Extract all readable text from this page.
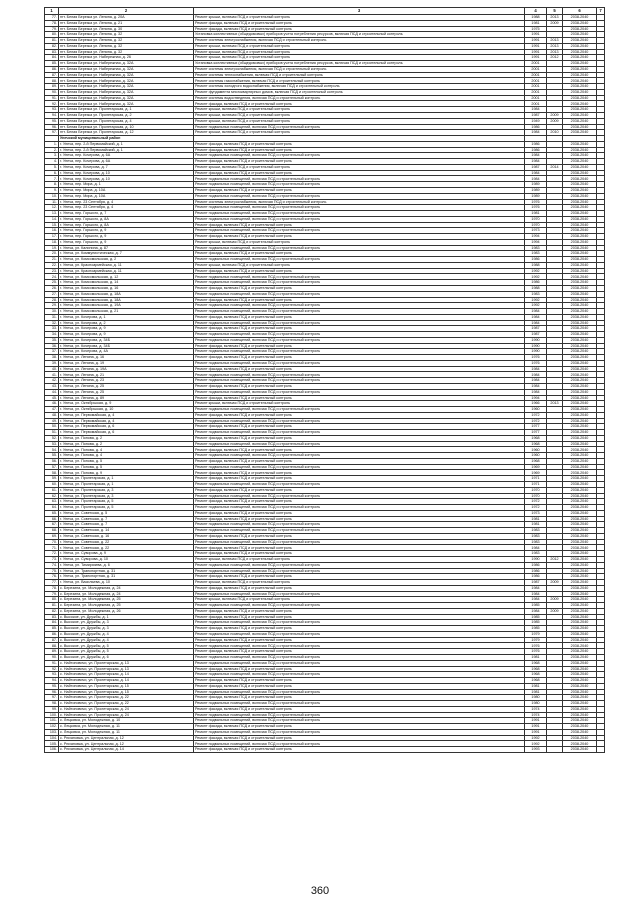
1	2	3	4	5	6	7
77.	пгт. Белая Березка ул. Ленина, д. 20А	Ремонт крыши, включая ПСД и строительный контроль	1988	2013	2038-2040	
78.	пгт. Белая Березка ул. Ленина, д. 21	Ремонт фасада, включая ПСД и строительный контроль	1981	2009	2038-2040	
79.	пгт. Белая Березка ул. Ленина, д. 30	Ремонт фасада, включая ПСД и строительный контроль	1975		2038-2040	
80.	пгт. Белая Березка ул. Ленина, д. 32	Установка коллективных (общедомовых) приборов учета потребления ресурсов, включая ПСД и строительный контроль	1991		2038-2040	
81.	пгт. Белая Березка ул. Ленина, д. 32	Ремонт системы электроснабжения, включая ПСД и строительный контроль	1991	2013	2038-2040	
82.	пгт. Белая Березка ул. Ленина, д. 32	Ремонт крыши, включая ПСД и строительный контроль	1991	2013	2038-2040	
83.	пгт. Белая Березка ул. Ленина, д. 32	Ремонт крыши, включая ПСД и строительный контроль	1991	2013	2038-2040	
84.	пгт. Белая Березка ул. Набережная, д. 26	Ремонт крыши, включая ПСД и строительный контроль	1991	2012	2038-2040	
85.	пгт. Белая Березка ул. Набережная, д. 32А	Установка коллективных (общедомовых) приборов учета потребления ресурсов, включая ПСД и строительный контроль	2001		2038-2040	
86.	пгт. Белая Березка ул. Набережная, д. 32А	Ремонт системы электроснабжения, включая ПСД и строительный контроль	2001		2038-2040	
87.	пгт. Белая Березка ул. Набережная, д. 32А	Ремонт системы теплоснабжения, включая ПСД и строительный контроль	2001		2038-2040	
88.	пгт. Белая Березка ул. Набережная, д. 32А	Ремонт системы газоснабжения, включая ПСД и строительный контроль	2001		2038-2040	
89.	пгт. Белая Березка ул. Набережная, д. 32А	Ремонт системы холодного водоснабжения, включая ПСД и строительный контроль	2001		2038-2040	
90.	пгт. Белая Березка ул. Набережная, д. 32А	Ремонт фундамента многоквартирных домов, включая ПСД и строительный контроль	2001		2038-2040	
91.	пгт. Белая Березка ул. Набережная, д. 32А	Ремонт системы водоотведения, включая ПСД и строительный контроль	2001		2038-2040	
92.	пгт. Белая Березка ул. Набережная, д. 32А	Ремонт фасада, включая ПСД и строительный контроль	2001		2038-2040	
93.	пгт. Белая Березка ул. Пролетарская, д. 1	Ремонт крыши, включая ПСД и строительный контроль	1984		2038-2040	
94.	пгт. Белая Березка ул. Пролетарская, д. 2	Ремонт крыши, включая ПСД и строительный контроль	1987	2009	2038-2040	
95.	пгт. Белая Березка ул. Пролетарская, д. 4	Ремонт крыши, включая ПСД и строительный контроль	1949	2009	2038-2040	
96.	пгт. Белая Березка ул. Пролетарская, д. 10	Ремонт подвальных помещений, включая ПСД и строительный контроль	1986		2038-2040	
97.	пгт. Белая Березка ул. Пролетарская, д. 12	Ремонт крыши, включая ПСД и строительный контроль	1984	2010	2038-2040	
	Унечский муниципальный район					
1.	г. Унеча, пер. 2-й Первомайский, д. 1	Ремонт фасада, включая ПСД и строительный контроль	1986		2038-2040	
2.	г. Унеча, пер. 2-й Первомайский, д. 1	Ремонт фасада, включая ПСД и строительный контроль	1986		2038-2040	
3.	г. Унеча, пер. Кочерова, д. 6А	Ремонт подвальных помещений, включая ПСД и строительный контроль	1984		2038-2040	
4.	г. Унеча, пер. Кочерова, д. 6А	Ремонт фасада, включая ПСД и строительный контроль	1984		2038-2040	
5.	г. Унеча, пер. Кочерова, д. 7	Ремонт крыши, включая ПСД и строительный контроль	1987	2014	2038-2040	
6.	г. Унеча, пер. Кочерова, д. 10	Ремонт фасада, включая ПСД и строительный контроль	1984		2038-2040	
7.	г. Унеча, пер. Кочерова, д. 10	Ремонт подвальных помещений, включая ПСД и строительный контроль	1984		2038-2040	
8.	г. Унеча, пер. Мира, д. 1	Ремонт подвальных помещений, включая ПСД и строительный контроль	1989		2038-2040	
9.	г. Унеча, пер. Мира, д. 10А	Ремонт фасада, включая ПСД и строительный контроль	1989		2038-2040	
10.	г. Унеча, пер. Мира, д. 10А	Ремонт подвальных помещений, включая ПСД и строительный контроль	1989		2038-2040	
11.	г. Унеча, пер. 23 Сентября, д. 4	Ремонт системы электроснабжения, включая ПСД и строительный контроль	1976		2038-2040	
12.	г. Унеча, пер. 23 Сентября, д. 4	Ремонт подвальных помещений, включая ПСД и строительный контроль	1976		2038-2040	
13.	г. Унеча, пер. Горького, д. 7	Ремонт подвальных помещений, включая ПСД и строительный контроль	1981		2038-2040	
14.	г. Унеча, пер. Горького, д. 8А	Ремонт подвальных помещений, включая ПСД и строительный контроль	1970		2038-2040	
15.	г. Унеча, пер. Горького, д. 8А	Ремонт фасада, включая ПСД и строительный контроль	1970		2038-2040	
16.	г. Унеча, пер. Горького, д. 9	Ремонт подвальных помещений, включая ПСД и строительный контроль	1973		2038-2040	
17.	г. Унеча, пер. Горького, д. 9	Ремонт фасада, включая ПСД и строительный контроль	1994		2038-2040	
18.	г. Унеча, пер. Горького, д. 9	Ремонт крыши, включая ПСД и строительный контроль	1994		2038-2040	
19.	г. Унеча, ул. Калинина, д. 87	Ремонт подвальных помещений, включая ПСД и строительный контроль	1983		2038-2040	
20.	г. Унеча, ул. Коммунистическая, д. 7	Ремонт фасада, включая ПСД и строительный контроль	1983		2038-2040	
21.	г. Унеча, ул. Комсомольская, д. 2	Ремонт подвальных помещений, включая ПСД и строительный контроль	1986		2038-2040	
22.	г. Унеча, ул. Красноармейская, д. 11	Ремонт крыши, включая ПСД и строительный контроль	1988		2038-2040	
23.	г. Унеча, ул. Красноармейская, д. 11	Ремонт фасада, включая ПСД и строительный контроль	1992		2038-2040	
24.	г. Унеча, ул. Комсомольская, д. 12	Ремонт подвальных помещений, включая ПСД и строительный контроль	1992		2038-2040	
25.	г. Унеча, ул. Комсомольская, д. 14	Ремонт подвальных помещений, включая ПСД и строительный контроль	1986		2038-2040	
26.	г. Унеча, ул. Комсомольская, д. 16	Ремонт фасада, включая ПСД и строительный контроль	1988		2038-2040	
27.	г. Унеча, ул. Комсомольская, д. 18А	Ремонт подвальных помещений, включая ПСД и строительный контроль	1983		2038-2040	
28.	г. Унеча, ул. Комсомольская, д. 18А	Ремонт фасада, включая ПСД и строительный контроль	1992		2038-2040	
29.	г. Унеча, ул. Комсомольская, д. 19А	Ремонт подвальных помещений, включая ПСД и строительный контроль	1992		2038-2040	
30.	г. Унеча, ул. Комсомольская, д. 21	Ремонт подвальных помещений, включая ПСД и строительный контроль	1984		2038-2040	
31.	г. Унеча, ул. Кочерова, д. 1	Ремонт фасада, включая ПСД и строительный контроль	1984		2038-2040	
32.	г. Унеча, ул. Кочерова, д. 2	Ремонт подвальных помещений, включая ПСД и строительный контроль	1984		2038-2040	
33.	г. Унеча, ул. Кочерова, д. 9	Ремонт фасада, включая ПСД и строительный контроль	1987		2038-2040	
34.	г. Унеча, ул. Кочерова, д. 9	Ремонт подвальных помещений, включая ПСД и строительный контроль	1987		2038-2040	
35.	г. Унеча, ул. Кочерова, д. 34Б	Ремонт подвальных помещений, включая ПСД и строительный контроль	1990		2038-2040	
36.	г. Унеча, ул. Кочерова, д. 34Б	Ремонт фасада, включая ПСД и строительный контроль	1990		2038-2040	
37.	г. Унеча, ул. Кочерова, д. 4А	Ремонт подвальных помещений, включая ПСД и строительный контроль	1990		2038-2040	
38.	г. Унеча, ул. Ленина, д. 16	Ремонт фасада, включая ПСД и строительный контроль	1976		2038-2040	
39.	г. Унеча, ул. Ленина, д. 19	Ремонт подвальных помещений, включая ПСД и строительный контроль	1976		2038-2040	
40.	г. Унеча, ул. Ленина, д. 19А	Ремонт фасада, включая ПСД и строительный контроль	1984		2038-2040	
41.	г. Унеча, ул. Ленина, д. 21	Ремонт подвальных помещений, включая ПСД и строительный контроль	1984		2038-2040	
42.	г. Унеча, ул. Ленина, д. 23	Ремонт подвальных помещений, включая ПСД и строительный контроль	1984		2038-2040	
43.	г. Унеча, ул. Ленина, д. 25	Ремонт фасада, включая ПСД и строительный контроль	1984		2038-2040	
44.	г. Унеча, ул. Ленина, д. 25	Ремонт подвальных помещений, включая ПСД и строительный контроль	1984		2038-2040	
45.	г. Унеча, ул. Ленина, д. 89	Ремонт фасада, включая ПСД и строительный контроль	1994		2038-2040	
46.	г. Унеча, ул. Октябрьская, д. 9	Ремонт крыши, включая ПСД и строительный контроль	1966	2013	2038-2040	
47.	г. Унеча, ул. Октябрьская, д. 10	Ремонт подвальных помещений, включая ПСД и строительный контроль	1960		2038-2040	
48.	г. Унеча, ул. Первомайская, д. 4	Ремонт фасада, включая ПСД и строительный контроль	1972		2038-2040	
49.	г. Унеча, ул. Первомайская, д. 4	Ремонт подвальных помещений, включая ПСД и строительный контроль	1972		2038-2040	
50.	г. Унеча, ул. Первомайская, д. 6	Ремонт фасада, включая ПСД и строительный контроль	1977		2038-2040	
51.	г. Унеча, ул. Первомайская, д. 6	Ремонт подвальных помещений, включая ПСД и строительный контроль	1977		2038-2040	
52.	г. Унеча, ул. Попова, д. 2	Ремонт фасада, включая ПСД и строительный контроль	1968		2038-2040	
53.	г. Унеча, ул. Попова, д. 2	Ремонт подвальных помещений, включая ПСД и строительный контроль	1968		2038-2040	
54.	г. Унеча, ул. Попова, д. 4	Ремонт фасада, включая ПСД и строительный контроль	1960		2038-2040	
55.	г. Унеча, ул. Попова, д. 4	Ремонт подвальных помещений, включая ПСД и строительный контроль	1960		2038-2040	
56.	г. Унеча, ул. Попова, д. 5	Ремонт фасада, включая ПСД и строительный контроль	1968		2038-2040	
57.	г. Унеча, ул. Попова, д. 5	Ремонт подвальных помещений, включая ПСД и строительный контроль	1969		2038-2040	
58.	г. Унеча, ул. Попова, д. 9	Ремонт фасада, включая ПСД и строительный контроль	1969		2038-2040	
59.	г. Унеча, ул. Пролетарская, д. 1	Ремонт фасада, включая ПСД и строительный контроль	1971		2038-2040	
60.	г. Унеча, ул. Пролетарская, д. 1	Ремонт подвальных помещений, включая ПСД и строительный контроль	1971		2038-2040	
61.	г. Унеча, ул. Пролетарская, д. 3	Ремонт фасада, включая ПСД и строительный контроль	1970		2038-2040	
62.	г. Унеча, ул. Пролетарская, д. 3	Ремонт подвальных помещений, включая ПСД и строительный контроль	1970		2038-2040	
63.	г. Унеча, ул. Пролетарская, д. 5	Ремонт фасада, включая ПСД и строительный контроль	1972		2038-2040	
64.	г. Унеча, ул. Пролетарская, д. 5	Ремонт подвальных помещений, включая ПСД и строительный контроль	1972		2038-2040	
65.	г. Унеча, ул. Советская, д. 5	Ремонт фасада, включая ПСД и строительный контроль	1973		2038-2040	
66.	г. Унеча, ул. Советская, д. 7	Ремонт фасада, включая ПСД и строительный контроль	1981		2038-2040	
67.	г. Унеча, ул. Советская, д. 7	Ремонт подвальных помещений, включая ПСД и строительный контроль	1981		2038-2040	
68.	г. Унеча, ул. Советская, д. 14	Ремонт подвальных помещений, включая ПСД и строительный контроль	1983		2038-2040	
69.	г. Унеча, ул. Советская, д. 16	Ремонт фасада, включая ПСД и строительный контроль	1983		2038-2040	
70.	г. Унеча, ул. Советская, д. 22	Ремонт подвальных помещений, включая ПСД и строительный контроль	1983		2038-2040	
71.	г. Унеча, ул. Советская, д. 22	Ремонт фасада, включая ПСД и строительный контроль	1984		2038-2040	
72.	г. Унеча, ул. Суворова, д. 9	Ремонт фасада, включая ПСД и строительный контроль	1983		2038-2040	
73.	г. Унеча, ул. Суворова, д. 10	Ремонт крыши, включая ПСД и строительный контроль	1990	2012	2038-2040	
74.	г. Унеча, ул. Тимирязева, д. 6	Ремонт подвальных помещений, включая ПСД и строительный контроль	1986		2038-2040	
75.	г. Унеча, ул. Транспортная, д. 31	Ремонт подвальных помещений, включая ПСД и строительный контроль	1986		2038-2040	
76.	г. Унеча, ул. Транспортная, д. 31	Ремонт фасада, включая ПСД и строительный контроль	1986		2038-2040	
77.	г. Унеча, ул. Васильева, д. 10	Ремонт крыши, включая ПСД и строительный контроль	1987	2009	2038-2040	
78.	с. Березина, ул. Молодежная, д. 24	Ремонт фасада, включая ПСД и строительный контроль	1984		2038-2040	
79.	с. Березина, ул. Молодежная, д. 24	Ремонт подвальных помещений, включая ПСД и строительный контроль	1984		2038-2040	
80.	с. Березина, ул. Молодежная, д. 25	Ремонт крыши, включая ПСД и строительный контроль	1984	2009	2038-2040	
81.	с. Березина, ул. Молодежная, д. 25	Ремонт подвальных помещений, включая ПСД и строительный контроль	1985		2038-2040	
82.	с. Березина, ул. Молодежная, д. 26	Ремонт фасада, включая ПСД и строительный контроль	1984	2009	2038-2040	
83.	с. Высокое, ул. Дружбы, д. 1	Ремонт фасада, включая ПСД и строительный контроль	1985		2038-2040	
84.	с. Высокое, ул. Дружбы, д. 3	Ремонт подвальных помещений, включая ПСД и строительный контроль	1985		2038-2040	
85.	с. Высокое, ул. Дружбы, д. 3	Ремонт фасада, включая ПСД и строительный контроль	1985		2038-2040	
86.	с. Высокое, ул. Дружбы, д. 4	Ремонт подвальных помещений, включая ПСД и строительный контроль	1979		2038-2040	
87.	с. Высокое, ул. Дружбы, д. 4	Ремонт фасада, включая ПСД и строительный контроль	1979		2038-2040	
88.	с. Высокое, ул. Дружбы, д. 5	Ремонт подвальных помещений, включая ПСД и строительный контроль	1976		2038-2040	
89.	с. Высокое, ул. Дружбы, д. 5	Ремонт фасада, включая ПСД и строительный контроль	1976		2038-2040	
90.	с. Высокое, ул. Дружбы, д. 6	Ремонт подвальных помещений, включая ПСД и строительный контроль	1981		2038-2040	
91.	с. Найтоповичи, ул. Пролетарская, д. 13	Ремонт подвальных помещений, включая ПСД и строительный контроль	1968		2038-2040	
92.	с. Найтоповичи, ул. Пролетарская, д. 13	Ремонт фасада, включая ПСД и строительный контроль	1968		2038-2040	
93.	с. Найтоповичи, ул. Пролетарская, д. 14	Ремонт подвальных помещений, включая ПСД и строительный контроль	1968		2038-2040	
94.	с. Найтоповичи, ул. Пролетарская, д. 14	Ремонт фасада, включая ПСД и строительный контроль	1968		2038-2040	
95.	с. Найтоповичи, ул. Пролетарская, д. 15	Ремонт фасада, включая ПСД и строительный контроль	1981		2038-2040	
96.	с. Найтоповичи, ул. Пролетарская, д. 15	Ремонт подвальных помещений, включая ПСД и строительный контроль	1981		2038-2040	
97.	с. Найтоповичи, ул. Пролетарская, д. 22	Ремонт фасада, включая ПСД и строительный контроль	1980		2038-2040	
98.	с. Найтоповичи, ул. Пролетарская, д. 22	Ремонт подвальных помещений, включая ПСД и строительный контроль	1980		2038-2040	
99.	с. Найтоповичи, ул. Пролетарская, д. 24	Ремонт фасада, включая ПСД и строительный контроль	1974		2038-2040	
100.	с. Найтоповичи, ул. Пролетарская, д. 24	Ремонт подвальных помещений, включая ПСД и строительный контроль	1974		2038-2040	
101.	с. Лецковка, ул. Молодежная, д. 10	Ремонт подвальных помещений, включая ПСД и строительный контроль	1991		2038-2040	
102.	с. Лецковка, ул. Молодежная, д. 11	Ремонт фасада, включая ПСД и строительный контроль	1991		2038-2040	
103.	с. Лецковка, ул. Молодежная, д. 11	Ремонт подвальных помещений, включая ПСД и строительный контроль	1991		2038-2040	
104.	с. Рюхановка, ул. Центральная, д. 12	Ремонт фасада, включая ПСД и строительный контроль	1992		2038-2040	
105.	с. Рюхановка, ул. Центральная, д. 12	Ремонт подвальных помещений, включая ПСД и строительный контроль	1992		2038-2040	
106.	с. Рюхановка, ул. Центральная, д. 14	Ремонт фасада, включая ПСД и строительный контроль	1993		2038-2040	
360
